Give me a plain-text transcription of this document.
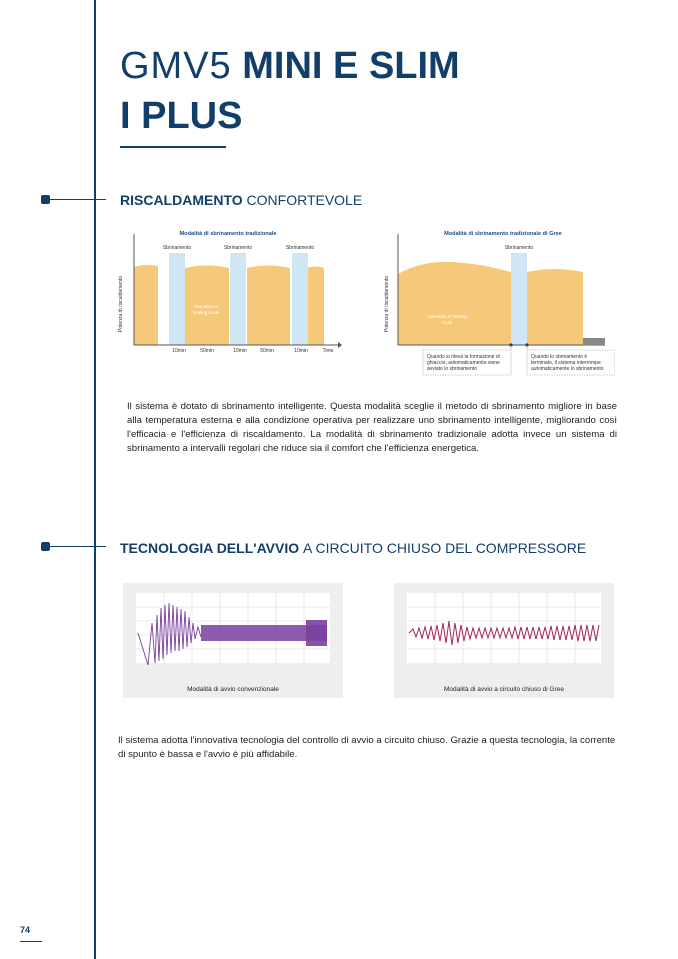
GMV5 MINI E SLIM
I PLUS
RISCALDAMENTO CONFORTEVOLE
Modalità di sbrinamento tradizionale
Potenza di riscaldamento
Sbrinamento	Sbrinamento	Sbrinamento
Operation in
heating mode
10min	50min	10min	50min	10min	Time
Modalità di sbrinamento tradizionale di Gree
Potenza di riscaldamento
Sbrinamento
Operation in heating
mode
Quando si rileva la formazione di
ghiaccio, automaticamente viene
avviato lo sbrinamento
Quando lo sbrinamento è
terminato, il sistema interrompe
automaticamente lo sbrinamento
Il sistema è dotato di sbrinamento intelligente. Questa modalità sceglie il metodo di sbrinamento migliore in base alla temperatura esterna e alla condizione operativa per realizzare uno sbrinamento intelligente, migliorando così l'efficacia e l'efficienza di riscaldamento. La modalità di sbrinamento tradizionale adotta invece un sistema di sbrinamento a intervalli regolari che riduce sia il comfort che l'efficienza energetica.
TECNOLOGIA DELL'AVVIO A CIRCUITO CHIUSO DEL COMPRESSORE
Modalità di avvio convenzionale	Modalità di avvio a circuito chiuso di Gree
Il sistema adotta l'innovativa tecnologia del controllo di avvio a circuito chiuso. Grazie a questa tecnologia, la corrente di spunto è bassa e l'avvio è più affidabile.
74
